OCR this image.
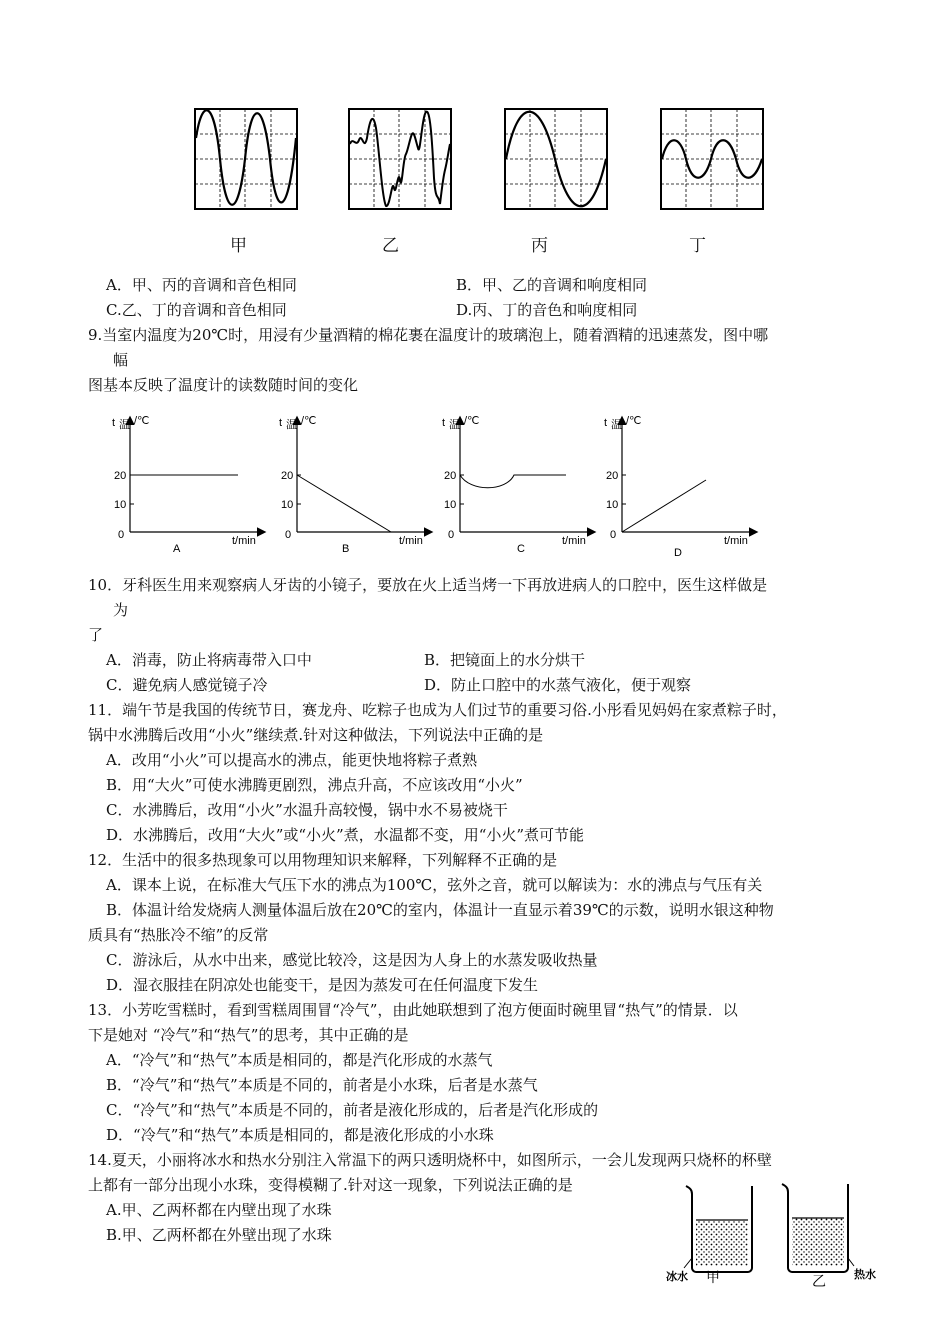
甲	乙	丙	丁
A．甲、丙的音调和音色相同	B．甲、乙的音调和响度相同
C.乙、丁的音调和音色相同	D.丙、丁的音色和响度相同
9.当室内温度为20℃时，用浸有少量酒精的棉花裹在温度计的玻璃泡上，随着酒精的迅速蒸发，图中哪
幅
图基本反映了温度计的读数随时间的变化
t 温 /℃
20
10
0	t/min
A
t 温 /℃
20
10
0	t/min
B
t 温 /℃
20
10
0	t/min
C
t 温 /℃
20
10
0	t/min
D
10．牙科医生用来观察病人牙齿的小镜子，要放在火上适当烤一下再放进病人的口腔中，医生这样做是
为
了
A．消毒，防止将病毒带入口中	B．把镜面上的水分烘干
C．避免病人感觉镜子冷	D．防止口腔中的水蒸气液化，便于观察
11．端午节是我国的传统节日，赛龙舟、吃粽子也成为人们过节的重要习俗.小彤看见妈妈在家煮粽子时，
锅中水沸腾后改用“小火”继续煮.针对这种做法，下列说法中正确的是
A．改用“小火”可以提高水的沸点，能更快地将粽子煮熟
B．用“大火”可使水沸腾更剧烈，沸点升高，不应该改用“小火”
C．水沸腾后，改用“小火”水温升高较慢，锅中水不易被烧干
D．水沸腾后，改用“大火”或“小火”煮，水温都不变，用“小火”煮可节能
12．生活中的很多热现象可以用物理知识来解释，下列解释不正确的是
A．课本上说，在标准大气压下水的沸点为100℃，弦外之音，就可以解读为：水的沸点与气压有关
B．体温计给发烧病人测量体温后放在20℃的室内，体温计一直显示着39℃的示数，说明水银这种物
质具有“热胀冷不缩”的反常
C．游泳后，从水中出来，感觉比较冷，这是因为人身上的水蒸发吸收热量
D．湿衣服挂在阴凉处也能变干，是因为蒸发可在任何温度下发生
13．小芳吃雪糕时，看到雪糕周围冒“冷气”，由此她联想到了泡方便面时碗里冒“热气”的情景．以
下是她对 “冷气”和“热气”的思考，其中正确的是
A．“冷气”和“热气”本质是相同的，都是汽化形成的水蒸气
B．“冷气”和“热气”本质是不同的，前者是小水珠，后者是水蒸气
C．“冷气”和“热气”本质是不同的，前者是液化形成的，后者是汽化形成的
D．“冷气”和“热气”本质是相同的，都是液化形成的小水珠
14.夏天，小丽将冰水和热水分别注入常温下的两只透明烧杯中，如图所示，一会儿发现两只烧杯的杯壁
上都有一部分出现小水珠，变得模糊了.针对这一现象，下列说法正确的是
A.甲、乙两杯都在内壁出现了水珠
B.甲、乙两杯都在外壁出现了水珠
冰水 甲	热水
乙
